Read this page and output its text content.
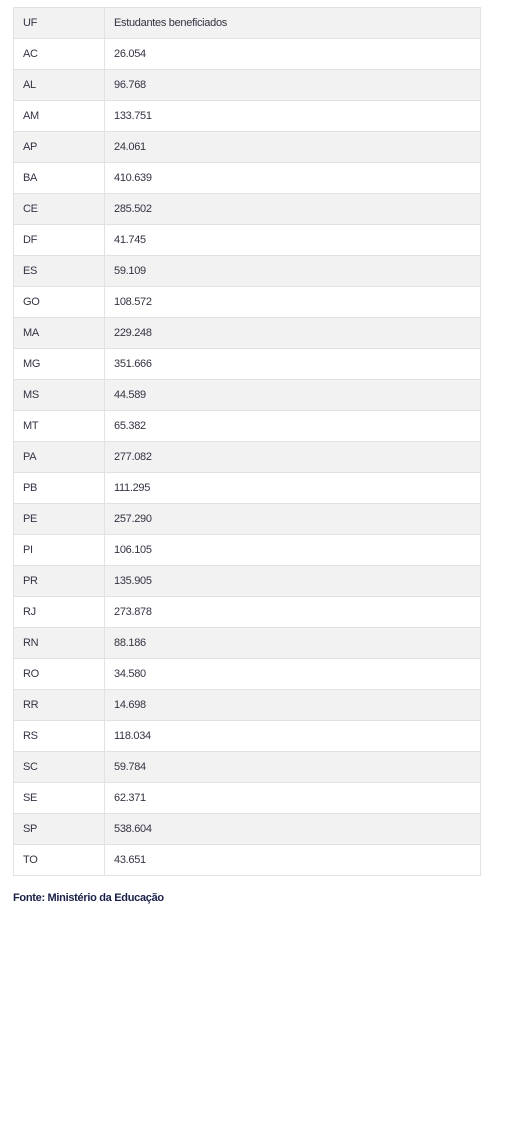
UF	Estudantes beneficiados
AC	26.054
AL	96.768
AM	133.751
AP	24.061
BA	410.639
CE	285.502
DF	41.745
ES	59.109
GO	108.572
MA	229.248
MG	351.666
MS	44.589
MT	65.382
PA	277.082
PB	111.295
PE	257.290
PI	106.105
PR	135.905
RJ	273.878
RN	88.186
RO	34.580
RR	14.698
RS	118.034
SC	59.784
SE	62.371
SP	538.604
TO	43.651
Fonte: Ministério da Educação
